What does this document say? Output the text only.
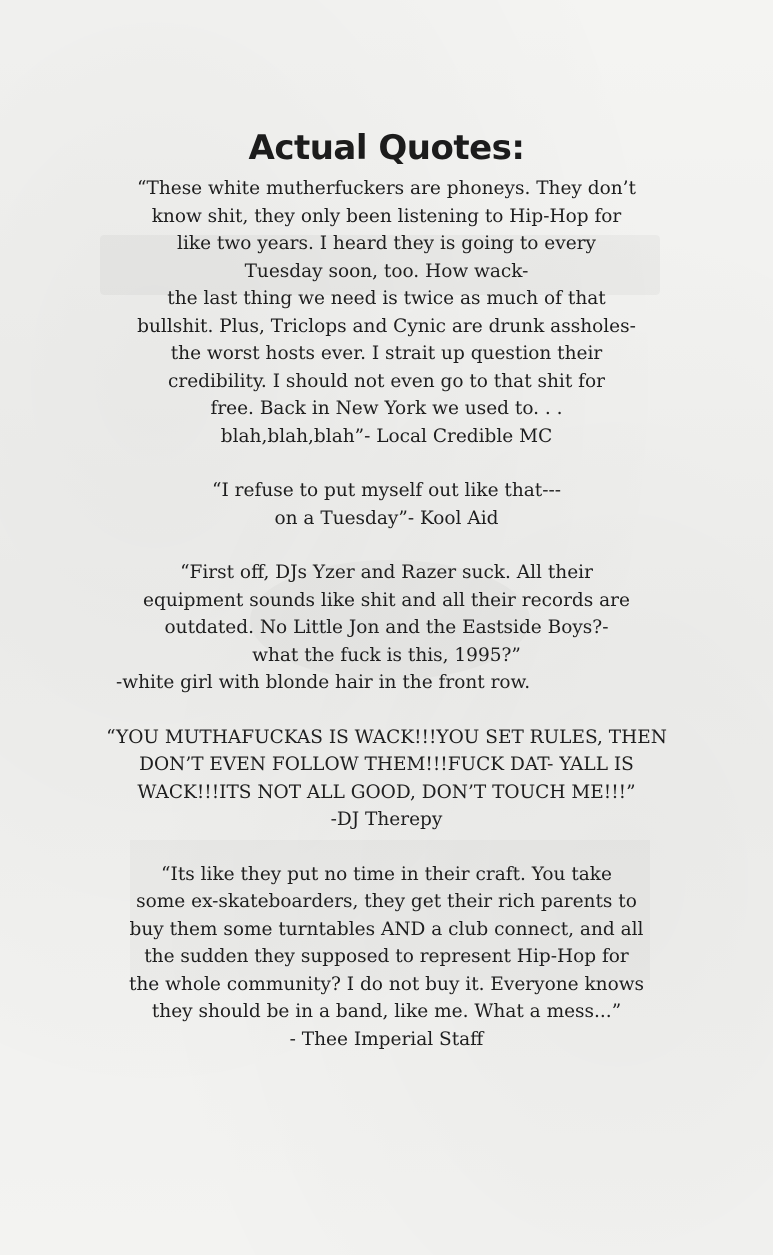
Actual Quotes:
“These white mutherfuckers are phoneys. They don’t
know shit, they only been listening to Hip-Hop for
like two years. I heard they is going to every
Tuesday soon, too. How wack-
the last thing we need is twice as much of that
bullshit. Plus, Triclops and Cynic are drunk assholes-
the worst hosts ever. I strait up question their
credibility. I should not even go to that shit for
free. Back in New York we used to. . .
blah,blah,blah”- Local Credible MC
“I refuse to put myself out like that---
on a Tuesday”- Kool Aid
“First off, DJs Yzer and Razer suck. All their
equipment sounds like shit and all their records are
outdated. No Little Jon and the Eastside Boys?-
what the fuck is this, 1995?”
-white girl with blonde hair in the front row.
“YOU MUTHAFUCKAS IS WACK!!!YOU SET RULES, THEN
DON’T EVEN FOLLOW THEM!!!FUCK DAT- YALL IS
WACK!!!ITS NOT ALL GOOD, DON’T TOUCH ME!!!”
-DJ Therepy
“Its like they put no time in their craft. You take
some ex-skateboarders, they get their rich parents to
buy them some turntables AND a club connect, and all
the sudden they supposed to represent Hip-Hop for
the whole community? I do not buy it. Everyone knows
they should be in a band, like me. What a mess...”
- Thee Imperial Staff
